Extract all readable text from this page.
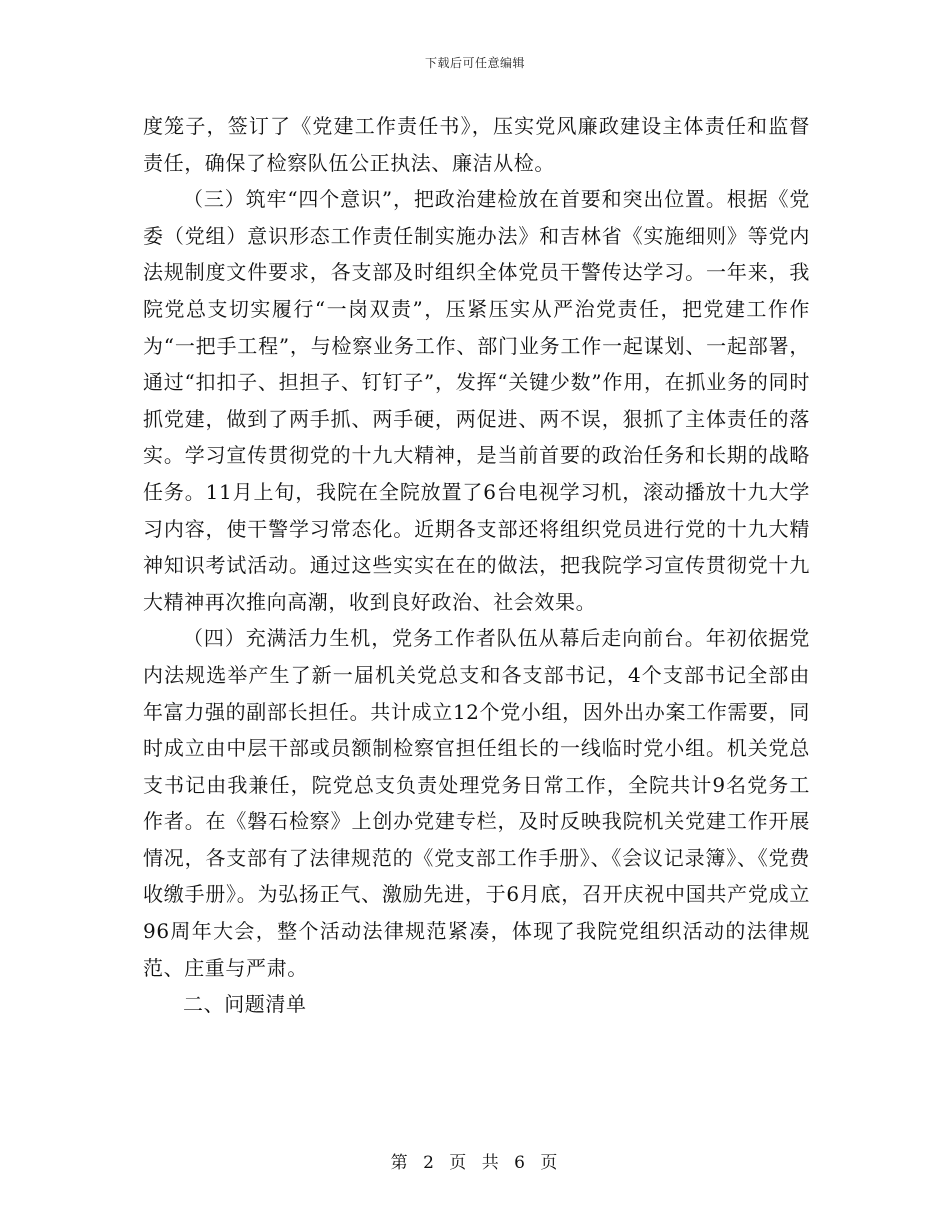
下载后可任意编辑

度笼子，签订了《党建工作责任书》，压实党风廉政建设主体责任和监督责任，确保了检察队伍公正执法、廉洁从检。

（三）筑牢“四个意识”，把政治建检放在首要和突出位置。根据《党委（党组）意识形态工作责任制实施办法》和吉林省《实施细则》等党内法规制度文件要求，各支部及时组织全体党员干警传达学习。一年来，我院党总支切实履行“一岗双责”，压紧压实从严治党责任，把党建工作作为“一把手工程”，与检察业务工作、部门业务工作一起谋划、一起部署，通过“扣扣子、担担子、钉钉子”，发挥“关键少数”作用，在抓业务的同时抓党建，做到了两手抓、两手硬，两促进、两不误，狠抓了主体责任的落实。学习宣传贯彻党的十九大精神，是当前首要的政治任务和长期的战略任务。11月上旬，我院在全院放置了6台电视学习机，滚动播放十九大学习内容，使干警学习常态化。近期各支部还将组织党员进行党的十九大精神知识考试活动。通过这些实实在在的做法，把我院学习宣传贯彻党十九大精神再次推向高潮，收到良好政治、社会效果。

（四）充满活力生机，党务工作者队伍从幕后走向前台。年初依据党内法规选举产生了新一届机关党总支和各支部书记，4个支部书记全部由年富力强的副部长担任。共计成立12个党小组，因外出办案工作需要，同时成立由中层干部或员额制检察官担任组长的一线临时党小组。机关党总支书记由我兼任，院党总支负责处理党务日常工作，全院共计9名党务工作者。在《磐石检察》上创办党建专栏，及时反映我院机关党建工作开展情况，各支部有了法律规范的《党支部工作手册》、《会议记录簿》、《党费收缴手册》。为弘扬正气、激励先进，于6月底，召开庆祝中国共产党成立96周年大会，整个活动法律规范紧凑，体现了我院党组织活动的法律规范、庄重与严肃。

二、问题清单

第 2 页 共 6 页
